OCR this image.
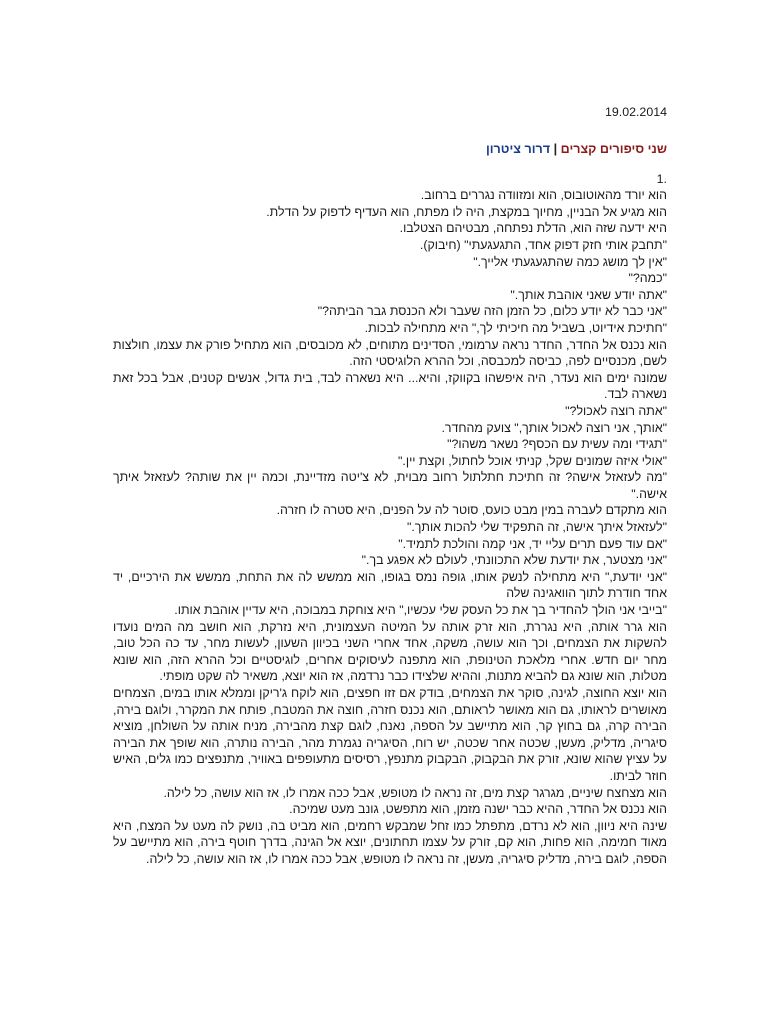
19.02.2014
שני סיפורים קצרים | דרור ציטרון

1.

הוא יורד מהאוטובוס, הוא ומזוודה נגררים ברחוב.

הוא מגיע אל הבניין, מחיוך במקצת, היה לו מפתח, הוא העדיף לדפוק על הדלת.

היא ידעה שזה הוא, הדלת נפתחה, מבטיהם הצטלבו.

"תחבק אותי חזק דפוק אחד, התגעגעתי" (חיבוק).

"אין לך מושג כמה שהתגעגעתי אלייך."

"כמה?"

"אתה יודע שאני אוהבת אותך."

"אני כבר לא יודע כלום, כל הזמן הזה שעבר ולא הכנסת גבר הביתה?"

"חתיכת אידיוט, בשביל מה חיכיתי לך," היא מתחילה לבכות.

הוא נכנס אל החדר, החדר נראה ערמומי, הסדינים מתוחים, לא מכובסים, הוא מתחיל פורק את עצמו, חולצות לשם, מכנסיים לפה, כביסה למכבסה, וכל ההרא הלוגיסטי הזה.

שמונה ימים הוא נעדר, היה איפשהו בקווקז, והיא... היא נשארה לבד, בית גדול, אנשים קטנים, אבל בכל זאת נשארה לבד.

"אתה רוצה לאכול?"

"אותך, אני רוצה לאכול אותך," צועק מהחדר.

"תגידי ומה עשית עם הכסף? נשאר משהו?"

"אולי איזה שמונים שקל, קניתי אוכל לחתול, וקצת יין."

"מה לעזאזל אישה? זה חתיכת חתלתול רחוב מבוית, לא צ'יטה מזדיינת, וכמה יין את שותה? לעזאזל איתך אישה."

הוא מתקדם לעברה במין מבט כועס, סוטר לה על הפנים, היא סטרה לו חזרה.

"לעזאזל איתך אישה, זה התפקיד שלי להכות אותך."

"אם עוד פעם תרים עליי יד, אני קמה והולכת לתמיד."

"אני מצטער, את יודעת שלא התכוונתי, לעולם לא אפגע בך."

"אני יודעת," היא מתחילה לנשק אותו, גופה נמס בגופו, הוא ממשש לה את התחת, ממשש את הירכיים, יד אחד חודרת לתוך הוואגינה שלה

"בייבי אני הולך להחדיר בך את כל העסק שלי עכשיו," היא צוחקת במבוכה, היא עדיין אוהבת אותו.

הוא גרר אותה, היא נגררת, הוא זרק אותה על המיטה העצמונית, היא נזרקת, הוא חושב מה המים נועדו להשקות את הצמחים, וכך הוא עושה, משקה, אחד אחרי השני בכיוון השעון, לעשות מחר, עד כה הכל טוב, מחר יום חדש. אחרי מלאכת הטינופת, הוא מתפנה לעיסוקים אחרים, לוגיסטיים וכל ההרא הזה, הוא שונא מטלות, הוא שונא גם להביא מתנות, וההיא שלצידו כבר נרדמה, אז הוא יוצא, משאיר לה שקט מופתי.

הוא יוצא החוצה, לגינה, סוקר את הצמחים, בודק אם זזו חפצים, הוא לוקח ג'ריקן וממלא אותו במים, הצמחים מאושרים לראותו, גם הוא מאושר לראותם, הוא נכנס חזרה, חוצה את המטבח, פותח את המקרר, ולוגם בירה, הבירה קרה, גם בחוץ קר, הוא מתיישב על הספה, נאנח, לוגם קצת מהבירה, מניח אותה על השולחן, מוציא סיגריה, מדליק, מעשן, שכטה אחר שכטה, יש רוח, הסיגריה נגמרת מהר, הבירה נותרה, הוא שופך את הבירה על עציץ שהוא שונא, זורק את הבקבוק, הבקבוק מתנפץ, רסיסים מתעופפים באוויר, מתנפצים כמו גלים, האיש חוזר לביתו.

הוא מצחצח שיניים, מגרגר קצת מים, זה נראה לו מטופש, אבל ככה אמרו לו, אז הוא עושה, כל לילה.

הוא נכנס אל החדר, ההיא כבר ישנה מזמן, הוא מתפשט, גונב מעט שמיכה.

שינה היא ניוון, הוא לא נרדם, מתפתל כמו זחל שמבקש רחמים, הוא מביט בה, נושק לה מעט על המצח, היא מאוד חמימה, הוא פחות, הוא קם, זורק על עצמו תחתונים, יוצא אל הגינה, בדרך חוטף בירה, הוא מתיישב על הספה, לוגם בירה, מדליק סיגריה, מעשן, זה נראה לו מטופש, אבל ככה אמרו לו, אז הוא עושה, כל לילה.
